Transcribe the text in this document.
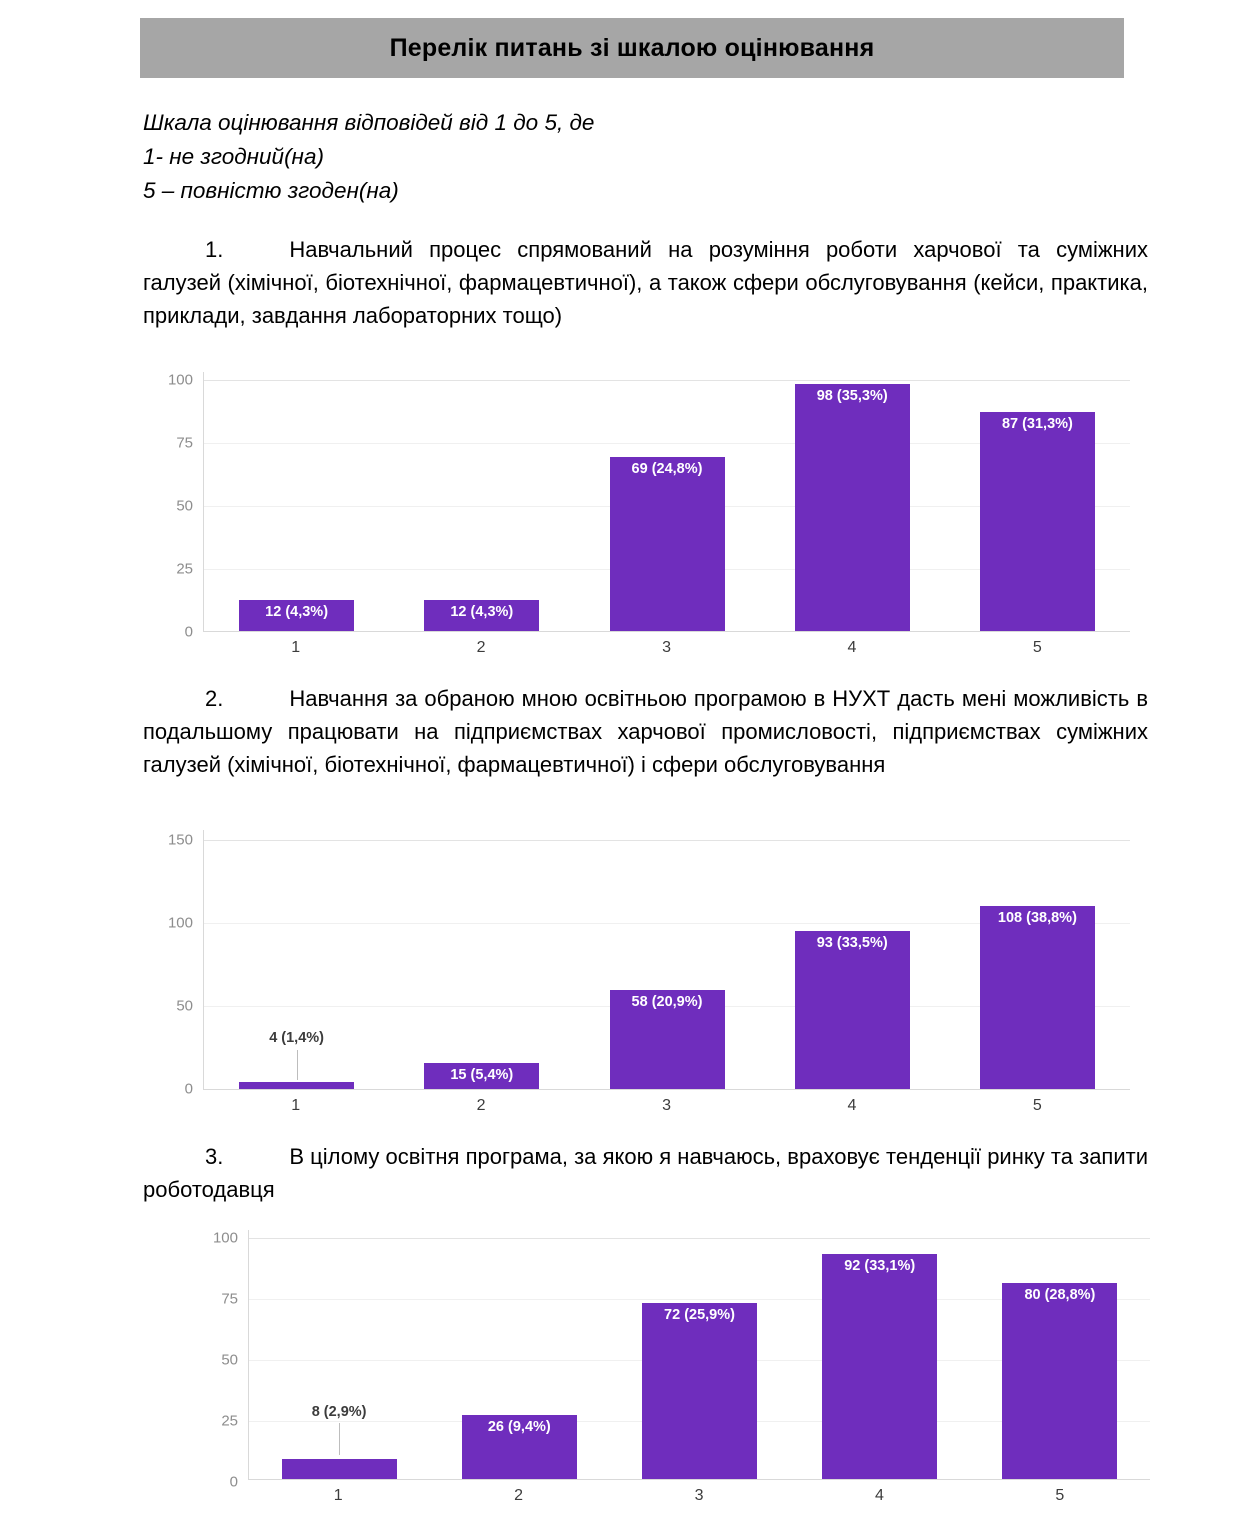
Перелік питань зі шкалою оцінювання
Шкала оцінювання відповідей від 1 до 5, де
1- не згодний(на)
5 – повністю згоден(на)
1.	Навчальний процес спрямований на розуміння роботи харчової та суміжних галузей (хімічної, біотехнічної, фармацевтичної), а також сфери обслуговування (кейси, практика, приклади, завдання лабораторних тощо)
100
75
50
25
0
12 (4,3%)	12 (4,3%)
69 (24,8%)
98 (35,3%)
87 (31,3%)
1	2	3	4	5
2.	Навчання за обраною мною освітньою програмою в НУХТ дасть мені можливість в подальшому працювати на підприємствах харчової промисловості, підприємствах суміжних галузей (хімічної, біотехнічної, фармацевтичної) і сфери обслуговування
150
100
50
0
4 (1,4%)
15 (5,4%)
58 (20,9%)
93 (33,5%)
108 (38,8%)
1	2	3	4	5
3.	В цілому освітня програма, за якою я навчаюсь, враховує тенденції ринку та запити роботодавця
100
75
50
25
0
8 (2,9%)
26 (9,4%)
72 (25,9%)
92 (33,1%)
80 (28,8%)
1	2	3	4	5
